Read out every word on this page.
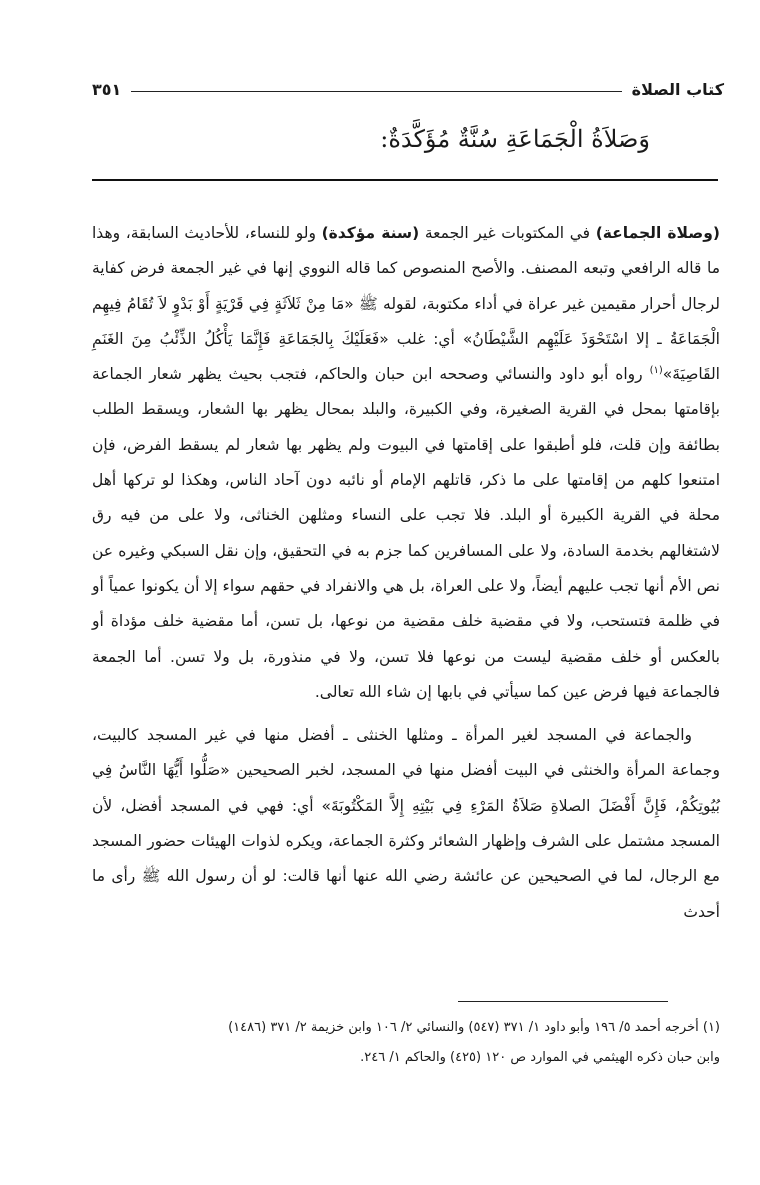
كتاب الصلاة
٣٥١
وَصَلاَةُ الْجَمَاعَةِ سُنَّةٌ مُؤَكَّدَةٌ:

(وصلاة الجماعة) في المكتوبات غير الجمعة (سنة مؤكدة) ولو للنساء، للأحاديث السابقة، وهذا ما قاله الرافعي وتبعه المصنف. والأصح المنصوص كما قاله النووي إنها في غير الجمعة فرض كفاية لرجال أحرار مقيمين غير عراة في أداء مكتوبة، لقوله ﷺ «مَا مِنْ ثَلاَثَةٍ فِي قَرْيَةٍ أَوْ بَدْوٍ لاَ تُقَامُ فِيهِم الْجَمَاعَةُ ـ إلا اسْتَحْوَذَ عَلَيْهِم الشَّيْطَانُ» أي: غلب «فَعَلَيْكَ بِالجَمَاعَةِ فَإِنَّمَا يَأْكُلُ الذِّئْبُ مِنَ الغَنَمِ القَاصِيَةَ»$^{(١)}$ رواه أبو داود والنسائي وصححه ابن حبان والحاكم، فتجب بحيث يظهر شعار الجماعة بإقامتها بمحل في القرية الصغيرة، وفي الكبيرة، والبلد بمحال يظهر بها الشعار، ويسقط الطلب بطائفة وإن قلت، فلو أطبقوا على إقامتها في البيوت ولم يظهر بها شعار لم يسقط الفرض، فإن امتنعوا كلهم من إقامتها على ما ذكر، قاتلهم الإمام أو نائبه دون آحاد الناس، وهكذا لو تركها أهل محلة في القرية الكبيرة أو البلد. فلا تجب على النساء ومثلهن الخناثى، ولا على من فيه رق لاشتغالهم بخدمة السادة، ولا على المسافرين كما جزم به في التحقيق، وإن نقل السبكي وغيره عن نص الأم أنها تجب عليهم أيضاً، ولا على العراة، بل هي والانفراد في حقهم سواء إلا أن يكونوا عمياً أو في ظلمة فتستحب، ولا في مقضية خلف مقضية من نوعها، بل تسن، أما مقضية خلف مؤداة أو بالعكس أو خلف مقضية ليست من نوعها فلا تسن، ولا في منذورة، بل ولا تسن. أما الجمعة فالجماعة فيها فرض عين كما سيأتي في بابها إن شاء الله تعالى.

والجماعة في المسجد لغير المرأة ـ ومثلها الخنثى ـ أفضل منها في غير المسجد كالبيت، وجماعة المرأة والخنثى في البيت أفضل منها في المسجد، لخبر الصحيحين «صَلُّوا أَيُّهَا النَّاسُ فِي بُيُوتِكُمْ، فَإِنَّ أَفْضَلَ الصلاةِ صَلاَةُ المَرْءِ فِي بَيْتِهِ إِلاَّ المَكْتُوبَةَ» أي: فهي في المسجد أفضل، لأن المسجد مشتمل على الشرف وإظهار الشعائر وكثرة الجماعة، ويكره لذوات الهيئات حضور المسجد مع الرجال، لما في الصحيحين عن عائشة رضي الله عنها أنها قالت: لو أن رسول الله ﷺ رأى ما أحدث

(١) أخرجه أحمد ٥/ ١٩٦ وأبو داود ١/ ٣٧١ (٥٤٧) والنسائي ٢/ ١٠٦ وابن خزيمة ٢/ ٣٧١ (١٤٨٦)
وابن حبان ذكره الهيثمي في الموارد ص ١٢٠ (٤٢٥) والحاكم ١/ ٢٤٦.
